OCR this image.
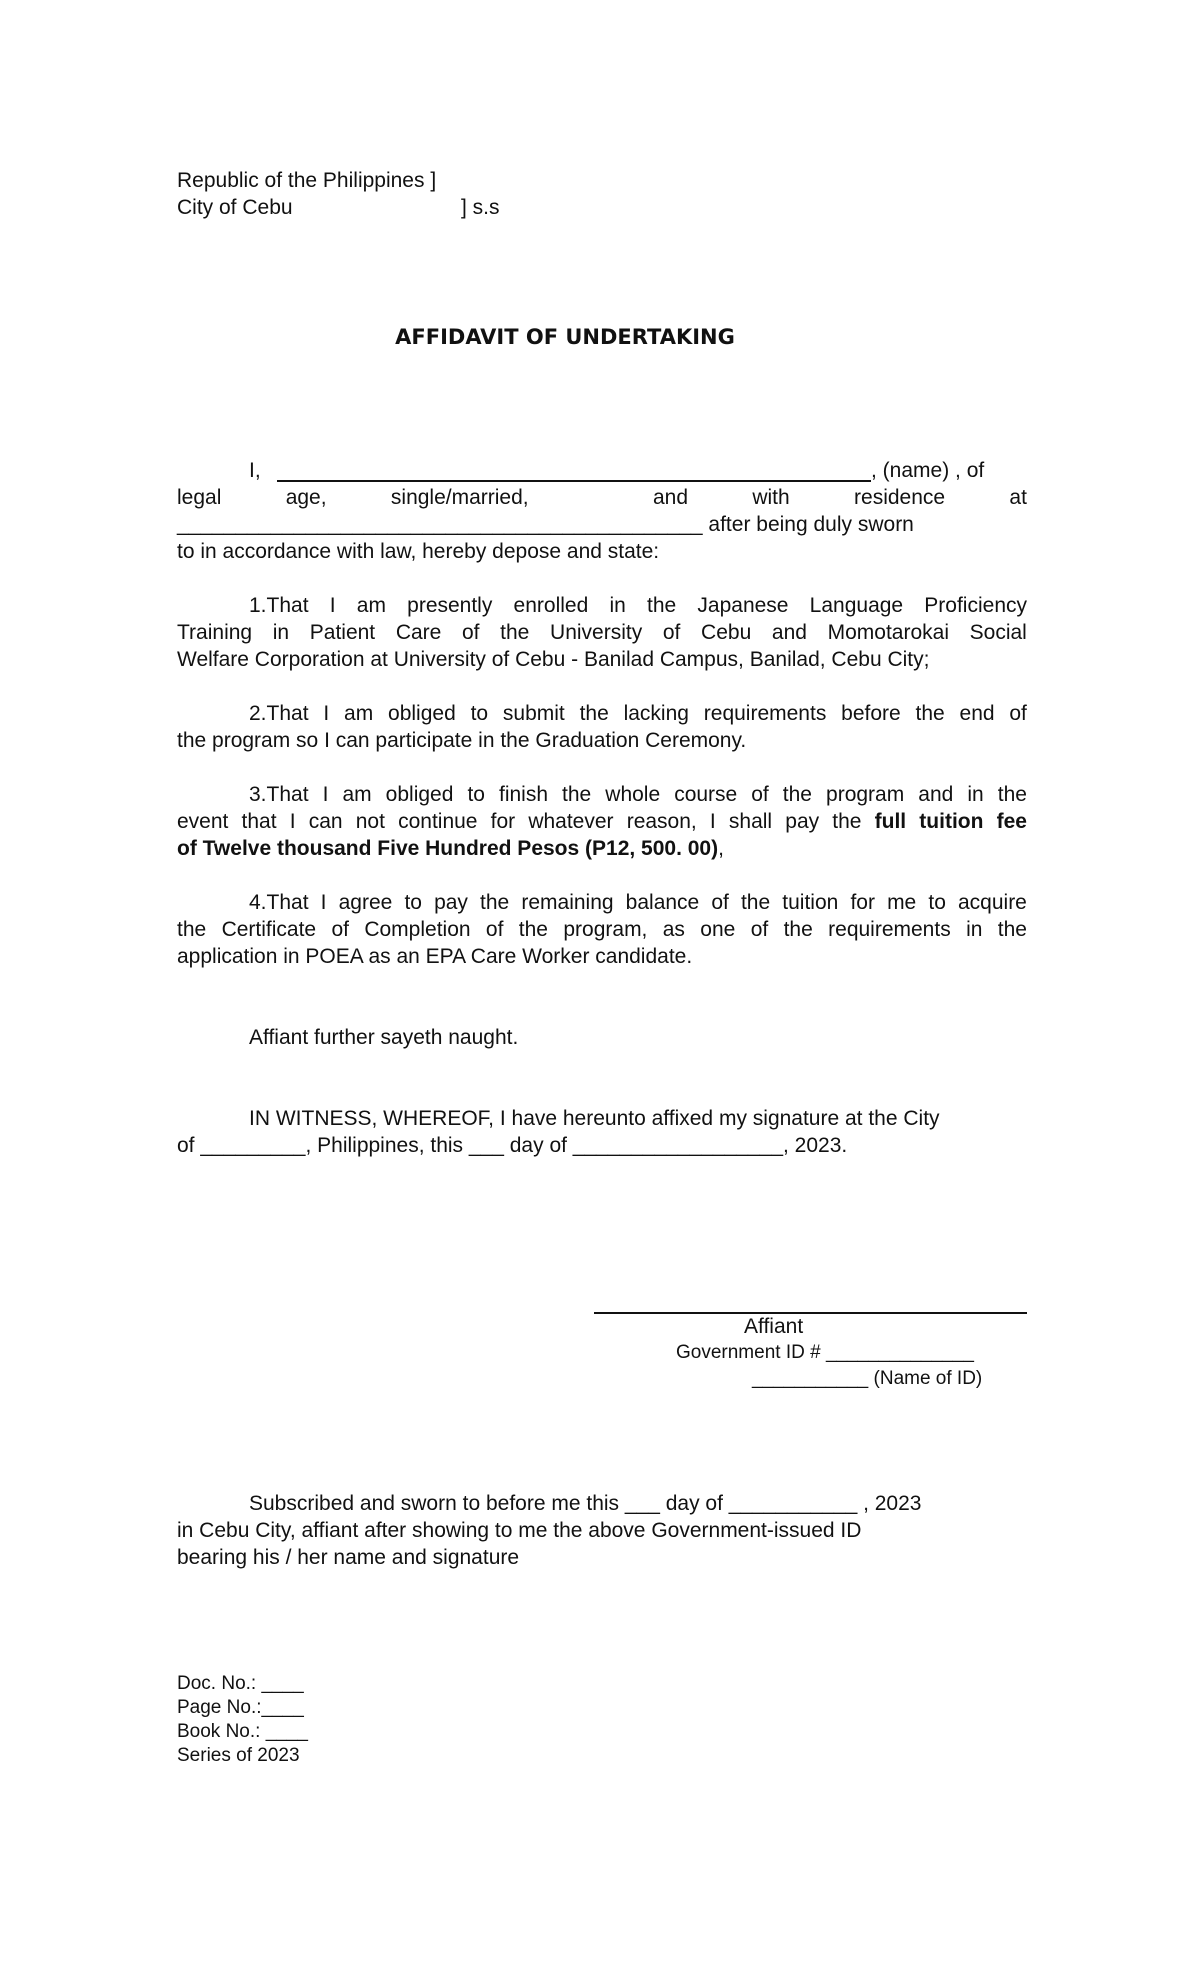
Republic of the Philippines ]
City of Cebu	] s.s
AFFIDAVIT OF UNDERTAKING
I,	, (name) , of
legal	age,	single/married,	and	with	residence	at
_____________________________________________ after being duly sworn
to in accordance with law, hereby depose and state:
1.That I am presently enrolled in the Japanese Language Proficiency
Training in Patient Care of the University of Cebu and Momotarokai Social
Welfare Corporation at University of Cebu - Banilad Campus, Banilad, Cebu City;
2.That I am obliged to submit the lacking requirements before the end of
the program so I can participate in the Graduation Ceremony.
3.That I am obliged to finish the whole course of the program and in the
event that I can not continue for whatever reason, I shall pay the full tuition fee
of Twelve thousand Five Hundred Pesos (P12, 500. 00),
4.That I agree to pay the remaining balance of the tuition for me to acquire
the Certificate of Completion of the program, as one of the requirements in the
application in POEA as an EPA Care Worker candidate.
Affiant further sayeth naught.
IN WITNESS, WHEREOF, I have hereunto affixed my signature at the City
of _________, Philippines, this ___ day of __________________, 2023.
Affiant
Government ID # ______________
___________ (Name of ID)
Subscribed and sworn to before me this ___ day of ___________ , 2023
in Cebu City, affiant after showing to me the above Government-issued ID
bearing his / her name and signature
Doc. No.: ____
Page No.:____
Book No.: ____
Series of 2023
